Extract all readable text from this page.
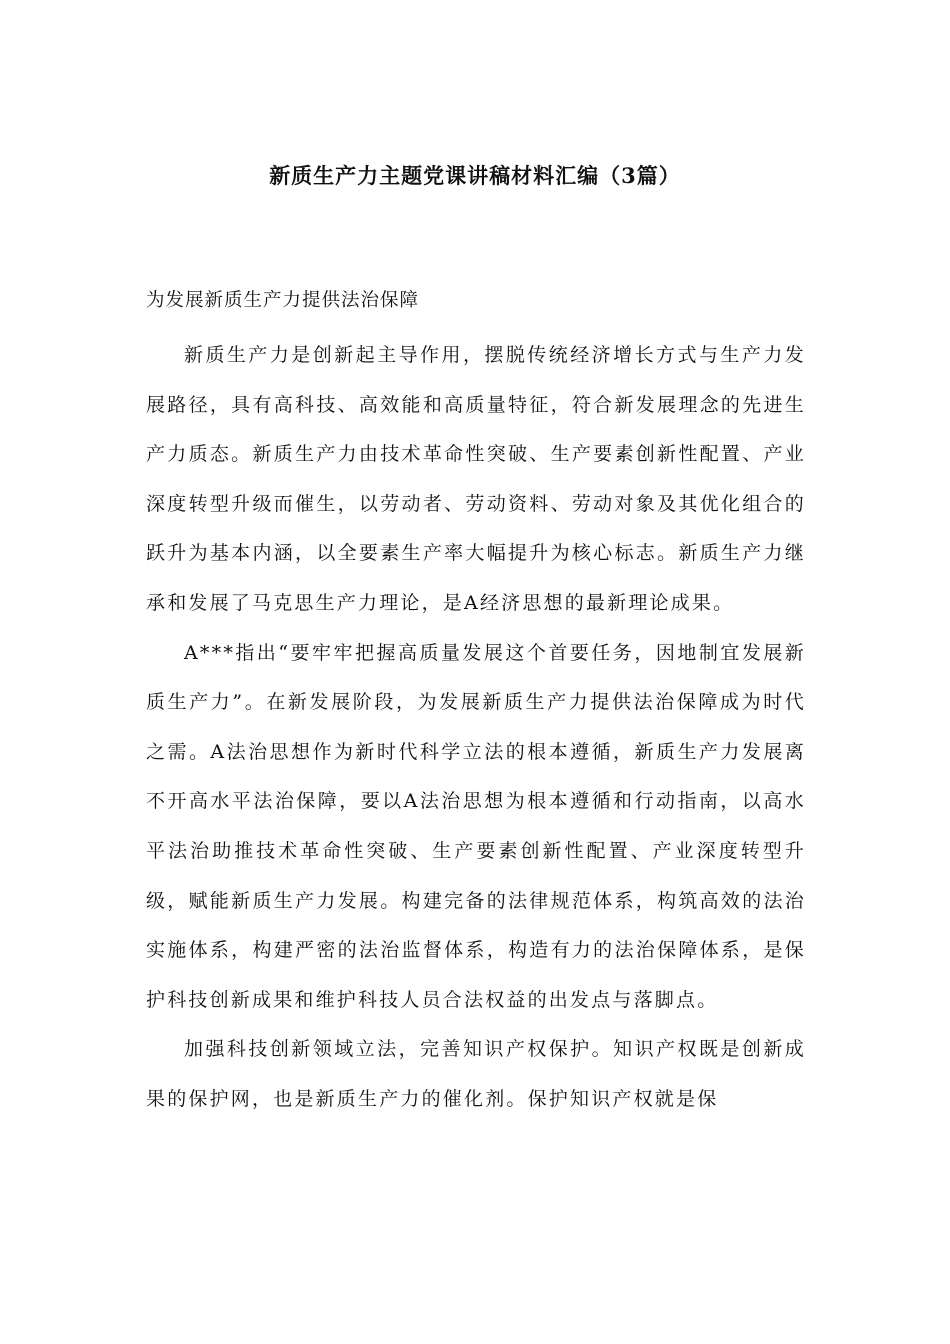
新质生产力主题党课讲稿材料汇编（3篇）

为发展新质生产力提供法治保障

新质生产力是创新起主导作用，摆脱传统经济增长方式与生产力发展路径，具有高科技、高效能和高质量特征，符合新发展理念的先进生产力质态。新质生产力由技术革命性突破、生产要素创新性配置、产业深度转型升级而催生，以劳动者、劳动资料、劳动对象及其优化组合的跃升为基本内涵，以全要素生产率大幅提升为核心标志。新质生产力继承和发展了马克思生产力理论，是A经济思想的最新理论成果。

A***指出“要牢牢把握高质量发展这个首要任务，因地制宜发展新质生产力”。在新发展阶段，为发展新质生产力提供法治保障成为时代之需。A法治思想作为新时代科学立法的根本遵循，新质生产力发展离不开高水平法治保障，要以A法治思想为根本遵循和行动指南，以高水平法治助推技术革命性突破、生产要素创新性配置、产业深度转型升级，赋能新质生产力发展。构建完备的法律规范体系，构筑高效的法治实施体系，构建严密的法治监督体系，构造有力的法治保障体系，是保护科技创新成果和维护科技人员合法权益的出发点与落脚点。

加强科技创新领域立法，完善知识产权保护。知识产权既是创新成果的保护网，也是新质生产力的催化剂。保护知识产权就是保
